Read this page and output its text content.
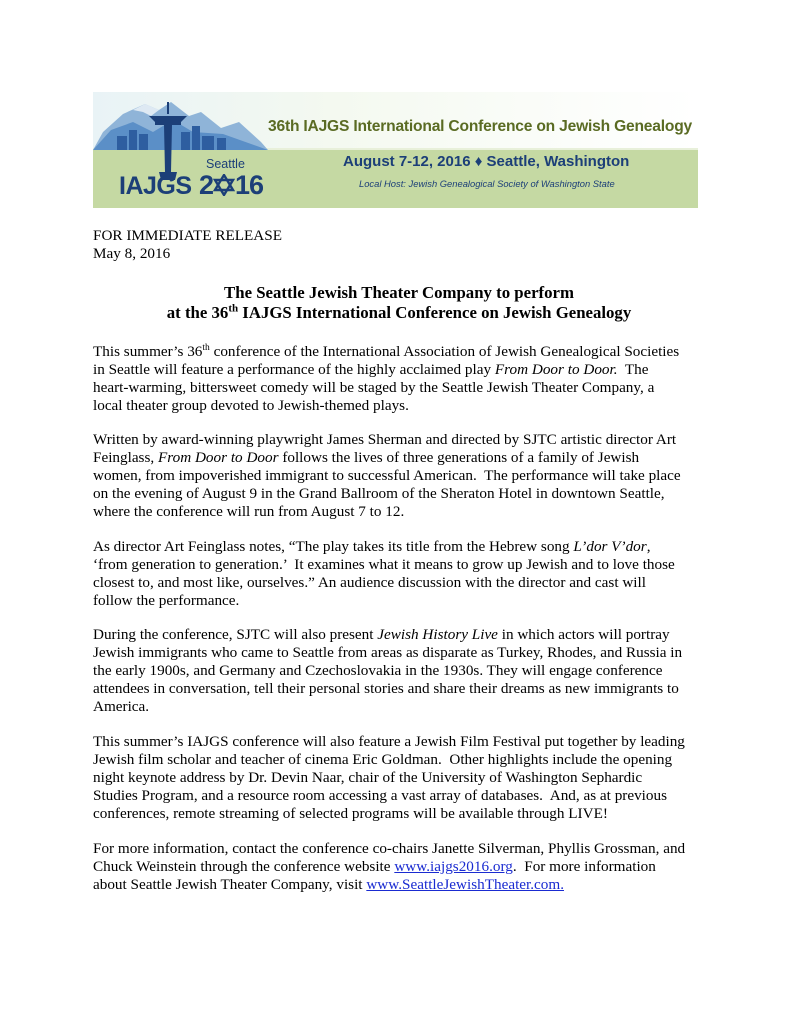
36th IAJGS International Conference on Jewish Genealogy
August 7-12, 2016 ♦ Seattle, Washington
Local Host: Jewish Genealogical Society of Washington State
Seattle
IAJGS 2 16

FOR IMMEDIATE RELEASE

May 8, 2016

The Seattle Jewish Theater Company to perform
at the 36th IAJGS International Conference on Jewish Genealogy

This summer’s 36th conference of the International Association of Jewish Genealogical Societies

in Seattle will feature a performance of the highly acclaimed play From Door to Door.  The

heart-warming, bittersweet comedy will be staged by the Seattle Jewish Theater Company, a

local theater group devoted to Jewish-themed plays.

Written by award-winning playwright James Sherman and directed by SJTC artistic director Art

Feinglass, From Door to Door follows the lives of three generations of a family of Jewish

women, from impoverished immigrant to successful American.  The performance will take place

on the evening of August 9 in the Grand Ballroom of the Sheraton Hotel in downtown Seattle,

where the conference will run from August 7 to 12.

As director Art Feinglass notes, “The play takes its title from the Hebrew song L’dor V’dor,

‘from generation to generation.’  It examines what it means to grow up Jewish and to love those

closest to, and most like, ourselves.” An audience discussion with the director and cast will

follow the performance.

During the conference, SJTC will also present Jewish History Live in which actors will portray

Jewish immigrants who came to Seattle from areas as disparate as Turkey, Rhodes, and Russia in

the early 1900s, and Germany and Czechoslovakia in the 1930s. They will engage conference

attendees in conversation, tell their personal stories and share their dreams as new immigrants to

America.

This summer’s IAJGS conference will also feature a Jewish Film Festival put together by leading

Jewish film scholar and teacher of cinema Eric Goldman.  Other highlights include the opening

night keynote address by Dr. Devin Naar, chair of the University of Washington Sephardic

Studies Program, and a resource room accessing a vast array of databases.  And, as at previous

conferences, remote streaming of selected programs will be available through LIVE!

For more information, contact the conference co-chairs Janette Silverman, Phyllis Grossman, and

Chuck Weinstein through the conference website www.iajgs2016.org.  For more information

about Seattle Jewish Theater Company, visit www.SeattleJewishTheater.com.
